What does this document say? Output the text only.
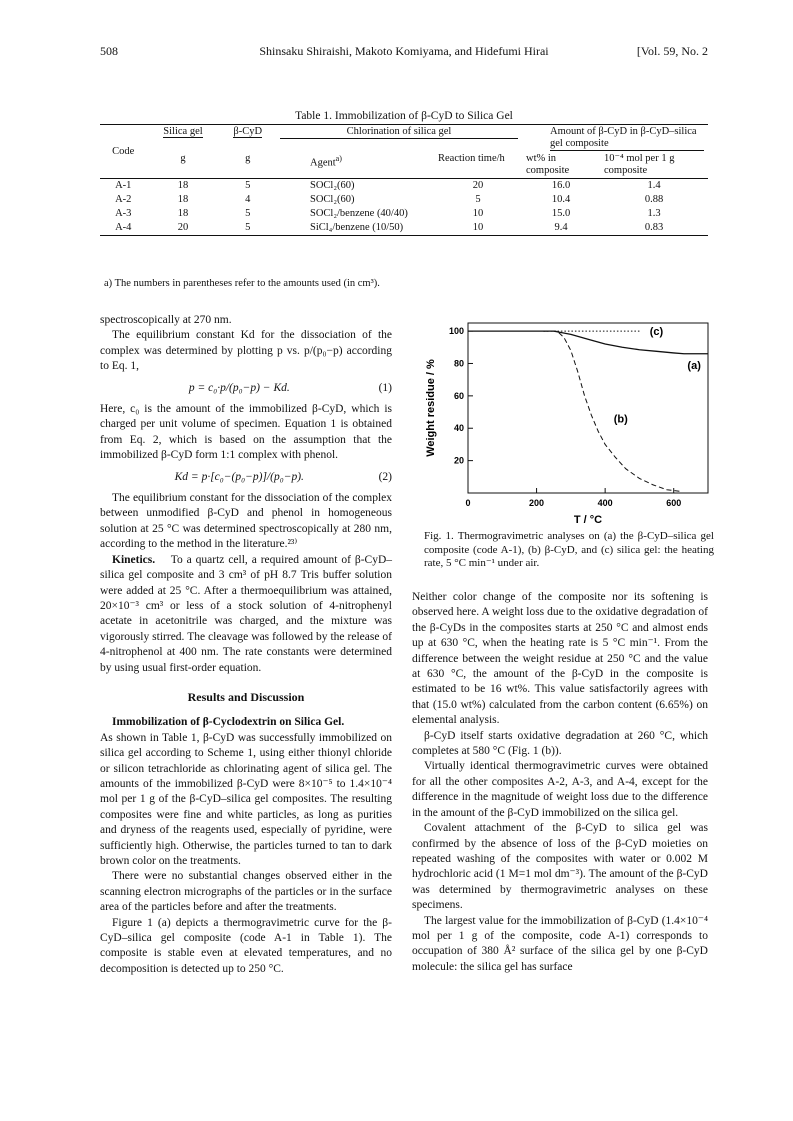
508	Shinsaku Shiraishi, Makoto Komiyama, and Hidefumi Hirai	[Vol. 59, No. 2
Table 1. Immobilization of β-CyD to Silica Gel
Code	Silica gel	β-CyD	Chlorination of silica gel		Amount of β-CyD in β-CyD–silica gel composite	

	g	g	Agent$^{a)}$	Reaction time/h	wt% in composite	10⁻⁴ mol per 1 g composite
A-1	18	5	SOCl₂(60)	20	16.0	1.4
A-2	18	4	SOCl₂(60)	5	10.4	0.88
A-3	18	5	SOCl₂/benzene (40/40)	10	15.0	1.3
A-4	20	5	SiCl₄/benzene (10/50)	10	9.4	0.83
a) The numbers in parentheses refer to the amounts used (in cm³).

spectroscopically at 270 nm.

The equilibrium constant Kd for the dissociation of the complex was determined by plotting p vs. p/(p₀−p) according to Eq. 1,

p = c₀·p/(p₀−p) − Kd.	(1)

Here, c₀ is the amount of the immobilized β-CyD, which is charged per unit volume of specimen. Equation 1 is obtained from Eq. 2, which is based on the assumption that the immobilized β-CyD form 1:1 complex with phenol.

Kd = p·[c₀−(p₀−p)]/(p₀−p).	(2)

The equilibrium constant for the dissociation of the complex between unmodified β-CyD and phenol in homogeneous solution at 25 °C was determined spectroscopically at 280 nm, according to the method in the literature.²³⁾

Kinetics. To a quartz cell, a required amount of β-CyD–silica gel composite and 3 cm³ of pH 8.7 Tris buffer solution were added at 25 °C. After a thermoequilibrium was attained, 20×10⁻³ cm³ or less of a stock solution of 4-nitrophenyl acetate in acetonitrile was charged, and the mixture was vigorously stirred. The cleavage was followed by the release of 4-nitrophenol at 400 nm. The rate constants were determined by using usual first-order equation.

Results and Discussion

Immobilization of β-Cyclodextrin on Silica Gel.

As shown in Table 1, β-CyD was successfully immobilized on silica gel according to Scheme 1, using either thionyl chloride or silicon tetrachloride as chlorinating agent of silica gel. The amounts of the immobilized β-CyD were 8×10⁻⁵ to 1.4×10⁻⁴ mol per 1 g of the β-CyD–silica gel composites. The resulting composites were fine and white particles, as long as purities and dryness of the reagents used, especially of pyridine, were sufficiently high. Otherwise, the particles turned to tan to dark brown color on the treatments.

There were no substantial changes observed either in the scanning electron micrographs of the particles or in the surface area of the particles before and after the treatments.

Figure 1 (a) depicts a thermogravimetric curve for the β-CyD–silica gel composite (code A-1 in Table 1). The composite is stable even at elevated temperatures, and no decomposition is detected up to 250 °C.

0	200	400	600
20
40
60
80
100
T / °C
Weight residue / %	(a)
(b)
(c)
Fig. 1. Thermogravimetric analyses on (a) the β-CyD–silica gel composite (code A-1), (b) β-CyD, and (c) silica gel: the heating rate, 5 °C min⁻¹ under air.

Neither color change of the composite nor its softening is observed here. A weight loss due to the oxidative degradation of the β-CyDs in the composites starts at 250 °C and almost ends up at 630 °C, when the heating rate is 5 °C min⁻¹. From the difference between the weight residue at 250 °C and the value at 630 °C, the amount of the β-CyD in the composite is estimated to be 16 wt%. This value satisfactorily agrees with that (15.0 wt%) calculated from the carbon content (6.65%) on elemental analysis.

β-CyD itself starts oxidative degradation at 260 °C, which completes at 580 °C (Fig. 1 (b)).

Virtually identical thermogravimetric curves were obtained for all the other composites A-2, A-3, and A-4, except for the difference in the magnitude of weight loss due to the difference in the amount of the β-CyD immobilized on the silica gel.

Covalent attachment of the β-CyD to silica gel was confirmed by the absence of loss of the β-CyD moieties on repeated washing of the composites with water or 0.002 M hydrochloric acid (1 M=1 mol dm⁻³). The amount of the β-CyD was determined by thermogravimetric analyses on these specimens.

The largest value for the immobilization of β-CyD (1.4×10⁻⁴ mol per 1 g of the composite, code A-1) corresponds to occupation of 380 Å² surface of the silica gel by one β-CyD molecule: the silica gel has surface
